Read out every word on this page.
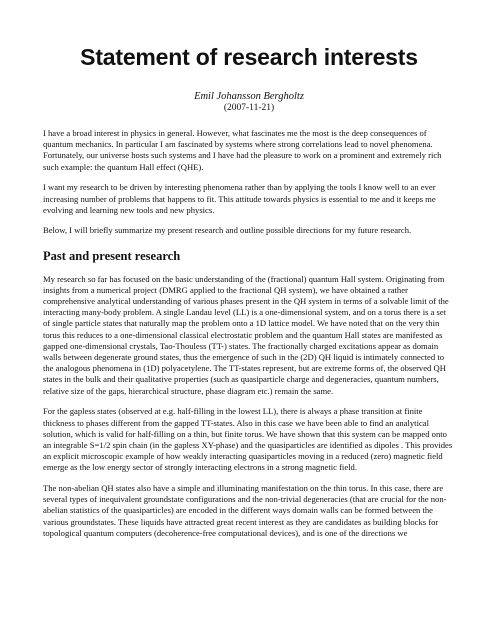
Statement of research interests

Emil Johansson Bergholtz

(2007-11-21)

I have a broad interest in physics in general. However, what fascinates me the most is the deep consequences of quantum mechanics. In particular I am fascinated by systems where strong correlations lead to novel phenomena. Fortunately, our universe hosts such systems and I have had the pleasure to work on a prominent and extremely rich such example: the quantum Hall effect (QHE).

I want my research to be driven by interesting phenomena rather than by applying the tools I know well to an ever increasing number of problems that happens to fit. This attitude towards physics is essential to me and it keeps me evolving and learning new tools and new physics.

Below, I will briefly summarize my present research and outline possible directions for my future research.

Past and present research

My research so far has focused on the basic understanding of the (fractional) quantum Hall system. Originating from insights from a numerical project (DMRG applied to the fractional QH system), we have obtained a rather comprehensive analytical understanding of various phases present in the QH system in terms of a solvable limit of the interacting many-body problem. A single Landau level (LL) is a one-dimensional system, and on a torus there is a set of single particle states that naturally map the problem onto a 1D lattice model. We have noted that on the very thin torus this reduces to a one-dimensional classical electrostatic problem and the quantum Hall states are manifested as gapped one-dimensional crystals, Tao-Thouless (TT-) states. The fractionally charged excitations appear as domain walls between degenerate ground states, thus the emergence of such in the (2D) QH liquid is intimately connected to the analogous phenomena in (1D) polyacetylene. The TT-states represent, but are extreme forms of, the observed QH states in the bulk and their qualitative properties (such as quasiparticle charge and degeneracies, quantum numbers, relative size of the gaps, hierarchical structure, phase diagram etc.) remain the same.

For the gapless states (observed at e.g. half-filling in the lowest LL), there is always a phase transition at finite thickness to phases different from the gapped TT-states. Also in this case we have been able to find an analytical solution, which is valid for half-filling on a thin, but finite torus. We have shown that this system can be mapped onto an integrable S=1/2 spin chain (in the gapless XY-phase) and the quasiparticles are identified as dipoles . This provides an explicit microscopic example of how weakly interacting quasiparticles moving in a reduced (zero) magnetic field emerge as the low energy sector of strongly interacting electrons in a strong magnetic field.

The non-abelian QH states also have a simple and illuminating manifestation on the thin torus. In this case, there are several types of inequivalent groundstate configurations and the non-trivial degeneracies (that are crucial for the non-abelian statistics of the quasiparticles) are encoded in the different ways domain walls can be formed between the various groundstates. These liquids have attracted great recent interest as they are candidates as building blocks for topological quantum computers (decoherence-free computational devices), and is one of the directions we
